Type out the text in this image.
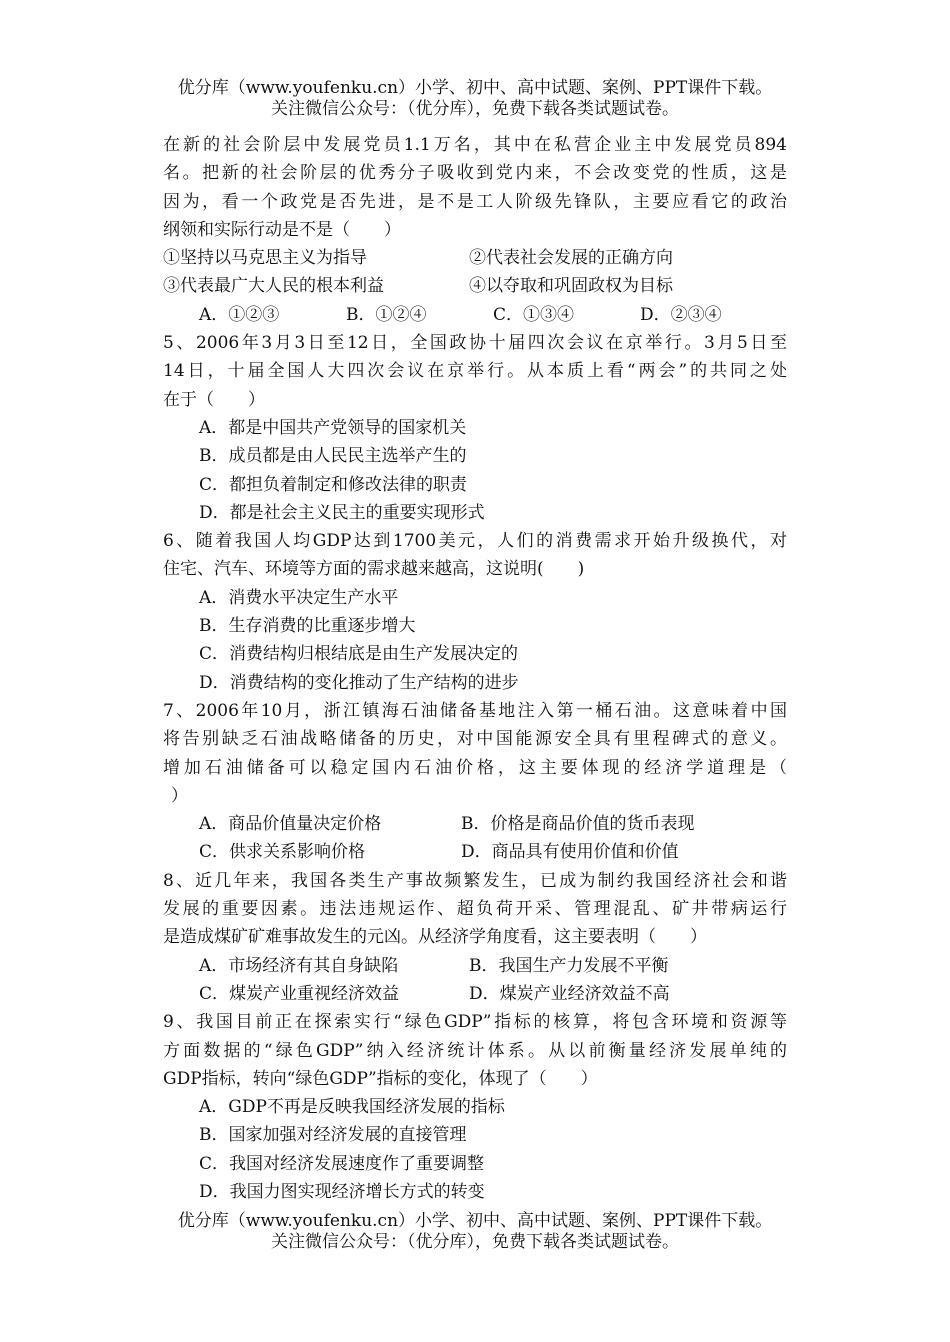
优分库（www.youfenku.cn）小学、初中、高中试题、案例、PPT课件下载。
关注微信公众号：（优分库），免费下载各类试题试卷。
在新的社会阶层中发展党员1.1万名，其中在私营企业主中发展党员894
名。把新的社会阶层的优秀分子吸收到党内来，不会改变党的性质，这是
因为，看一个政党是否先进，是不是工人阶级先锋队，主要应看它的政治
纲领和实际行动是不是（　　）
①坚持以马克思主义为指导	②代表社会发展的正确方向
③代表最广大人民的根本利益	④以夺取和巩固政权为目标
A．①②③	B．①②④	C．①③④	D．②③④
5、2006年3月3日至12日，全国政协十届四次会议在京举行。3月5日至
14日，十届全国人大四次会议在京举行。从本质上看“两会”的共同之处
在于（　　）
A．都是中国共产党领导的国家机关
B．成员都是由人民民主选举产生的
C．都担负着制定和修改法律的职责
D．都是社会主义民主的重要实现形式
6、随着我国人均GDP达到1700美元，人们的消费需求开始升级换代，对
住宅、汽车、环境等方面的需求越来越高，这说明(　　)
A．消费水平决定生产水平
B．生存消费的比重逐步增大
C．消费结构归根结底是由生产发展决定的
D．消费结构的变化推动了生产结构的进步
7、2006年10月，浙江镇海石油储备基地注入第一桶石油。这意味着中国
将告别缺乏石油战略储备的历史，对中国能源安全具有里程碑式的意义。
增加石油储备可以稳定国内石油价格，这主要体现的经济学道理是（
）
A．商品价值量决定价格	B．价格是商品价值的货币表现
C．供求关系影响价格	D．商品具有使用价值和价值
8、近几年来，我国各类生产事故频繁发生，已成为制约我国经济社会和谐
发展的重要因素。违法违规运作、超负荷开采、管理混乱、矿井带病运行
是造成煤矿矿难事故发生的元凶。从经济学角度看，这主要表明（　　）
A．市场经济有其自身缺陷	B．我国生产力发展不平衡
C．煤炭产业重视经济效益	D．煤炭产业经济效益不高
9、我国目前正在探索实行“绿色GDP”指标的核算，将包含环境和资源等
方面数据的“绿色GDP”纳入经济统计体系。从以前衡量经济发展单纯的
GDP指标，转向“绿色GDP”指标的变化，体现了（　　）
A．GDP不再是反映我国经济发展的指标
B．国家加强对经济发展的直接管理
C．我国对经济发展速度作了重要调整
D．我国力图实现经济增长方式的转变
优分库（www.youfenku.cn）小学、初中、高中试题、案例、PPT课件下载。
关注微信公众号：（优分库），免费下载各类试题试卷。
